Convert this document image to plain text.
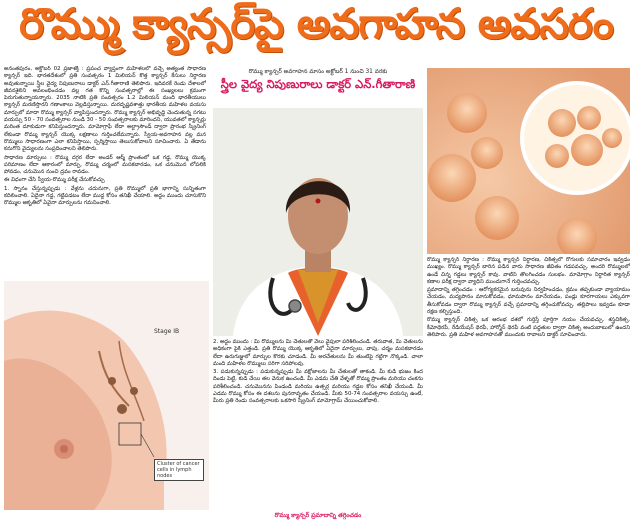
రొమ్ము క్యాన్సర్‌పై అవగాహన అవసరం

అనంతపురం, అక్టోబర్ 02 ప్రజాశక్తి : ప్రపంచ వ్యాప్తంగా మహిళలలో వచ్చే అత్యంత సాధారణ క్యాన్సర్ ఇది. భారతదేశంలో ప్రతి సంవత్సరం 1 మిలియన్ కొత్త క్యాన్సర్ కేసులు నిర్ధారణ అవుతున్నాయి స్త్రీల వైద్య నిపుణురాలు డాక్టర్ ఎన్.గీతారాణి తెలిపారు. ఇదివరకే రెండు దేశాలలో జీవనశైలిని అవలంభించడం వల్ల గత కొన్ని సంవత్సరాల్లో ఈ సంఖ్యలలు క్రమంగా పెరుగుతున్నాయన్నారు. 2035 నాటికి ప్రతి సంవత్సరం 1.2 మిలియన్ మంది భారతీయులు క్యాన్సర్ మరణిస్తారని గణాంకాలు వెల్లడిస్తున్నాయి. దురదృష్టవశాత్తు భారతీయ మహిళల వయసు మార్పులో మాదా రొమ్ము క్యాన్సర్ వ్యాపిస్తుందన్నారు. రొమ్ము క్యాన్సర్ అభివృద్ధి చెందుతున్న సగటు వయస్సు 50 - 70 సంవత్సరాల నుండి 30 - 50 సంవత్సరాలకు మారిందని, యువతలో క్యాన్సర్లు మరింత దూకుడుగా కనిపిస్తుందన్నారు. మామోగ్రాఫీ లేదా అల్ట్రాసౌండ్ ద్వారా ప్రారంభ స్క్రీనింగ్ లేకుండా రొమ్ము క్యాన్సర్ యొక్క లక్షణాలు గుర్తించలేమన్నారు. స్వీయ-అవగాహన వల్ల మన రొమ్ములు సాధారణంగా ఎలా కనిపిస్తాయి, స్పర్శిస్తాయి తెలుసుకోవాలని సూచించారు. ఏ తేడాను కనుగొని వైద్యులను సంప్రదించాలని తెలిపారు.

సాధారణ మార్పులు : రొమ్ము దగ్గర లేదా అండర్ ఆర్మ్ ప్రాంతంలో ఒక గడ్డ, రొమ్ము యొక్క పరిమాణం లేదా ఆకారంలో మార్పు, రొమ్ము చర్మంలో మసకబారడం, ఒక చనుమొన లోపలికి పోవడం, చనుమొన నుంచి ద్రవం రావడం.

ఈ విధంగా చేసి స్వీయ-రొమ్ము పరీక్ష చేసుకోవచ్చు

1. స్నానం చేస్తున్నప్పుడు : వేళ్లను చదునుగా, ప్రతి రొమ్ములో ప్రతి భాగాన్ని సున్నితంగా కదిలించాలి. ఏదైనా గడ్డ, గట్టిపడటం లేదా ముద్ద కోసం తనిఖీ చేయాలి. అద్దం ముందు చూసుకొని రొమ్ముల ఆకృతిలో ఏవైనా మార్పులను గమనించాలి.

Stage IB
Cluster of cancer cells in lymph nodes
రొమ్ము క్యాన్సర్ అవగాహన మాసం అక్టోబర్ 1 నుంచి 31 వరకు
స్త్రీల వైద్య నిపుణురాలు డాక్టర్ ఎన్.గీతారాణి

2. అద్దం ముందు : మీ రొమ్ములను మీ చేతులతో వేలు వైపులా పరిశీలించండి. తరువాత, మీ చేతులను అధికంగా పైకి ఎత్తండి. ప్రతి రొమ్ము యొక్క ఆకృతిలో ఏదైనా మార్పులు, వాపు, చర్మం మసకబారడం లేదా ఉరుగుజ్జులో మార్పుల కొరకు చూడండి. మీ అరచేతులను మీ తుంటిపై గట్టిగా నొక్కండి. చాలా మంది మహిళల రొమ్ములు సరిగా సరిపోలవు.

3. పడుకున్నప్పుడు : పడుకున్నప్పుడు మీ వక్షోజాలను మీ చేతులతో తాకండి. మీ కుడి భుజం కింద దిండు పెట్టి, కుడి చేయి తల వెనుక ఉంచండి. మీ ఎడమ చేతి వేళ్ళతో రొమ్ము ప్రాంతం మరియు చంకను పరిశీలించండి. చనుమొనను పిండండి మరియు ఉత్సర్గ మరియు గడ్డల కోసం తనిఖీ చేయండి. మీ ఎడమ రొమ్ము కోసం ఈ దశలను పునరావృతం చేయండి. మీకు 50-74 సంవత్సరాల వయస్సు ఉంటే, మీరు ప్రతి రెండు సంవత్సరాలకు ఒకసారి స్క్రీనింగ్ మామోగ్రామ్ చేయించుకోవాలి.

రొమ్ము క్యాన్సర్ ప్రమాదాన్ని తగ్గించడం

రొమ్ము క్యాన్సర్ నిర్ధారణ : రొమ్ము క్యాన్సర్ నిర్ధారణ, చికిత్సలో రోగులకు సమాచారం ఇవ్వడం ముఖ్యం. రొమ్ము క్యాన్సర్ బారిన పడిన వారు సాధారణ జీవితం గడపవచ్చు. అందరి రొమ్ములలో ఉండే చిన్న గడ్డలు క్యాన్సర్ కావు. వాటిని తొలగించడం సులభం. మామోగ్రాం నిర్ధారిత క్యాన్సర్ కణాల పరీక్ష ద్వారా వ్యాధిని ముందుగానే గుర్తించవచ్చు.

ప్రమాదాన్ని తగ్గించడం : ఆరోగ్యకరమైన బరువును నిర్వహించడం, క్రమం తప్పకుండా వ్యాయామం చేయడం, మద్యపానం మానుకోవడం, ధూమపానం మానేయడం, పండ్లు కూరగాయలు ఎక్కువగా తీసుకోవడం ద్వారా రొమ్ము క్యాన్సర్ వచ్చే ప్రమాదాన్ని తగ్గించుకోవచ్చు. తల్లిపాలు ఇవ్వడం కూడా రక్షణ కల్పిస్తుంది.

రొమ్ము క్యాన్సర్ చికిత్స ఒక ఆరంభ దశలో గుర్తిస్తే పూర్తిగా నయం చేయవచ్చు. శస్త్రచికిత్స, కీమోథెరపీ, రేడియేషన్ థెరపీ, హార్మోన్ థెరపీ వంటి పద్ధతుల ద్వారా చికిత్స అందుబాటులో ఉందని తెలిపారు. ప్రతి మహిళ అవగాహనతో ముందుకు రావాలని డాక్టర్ సూచించారు.
